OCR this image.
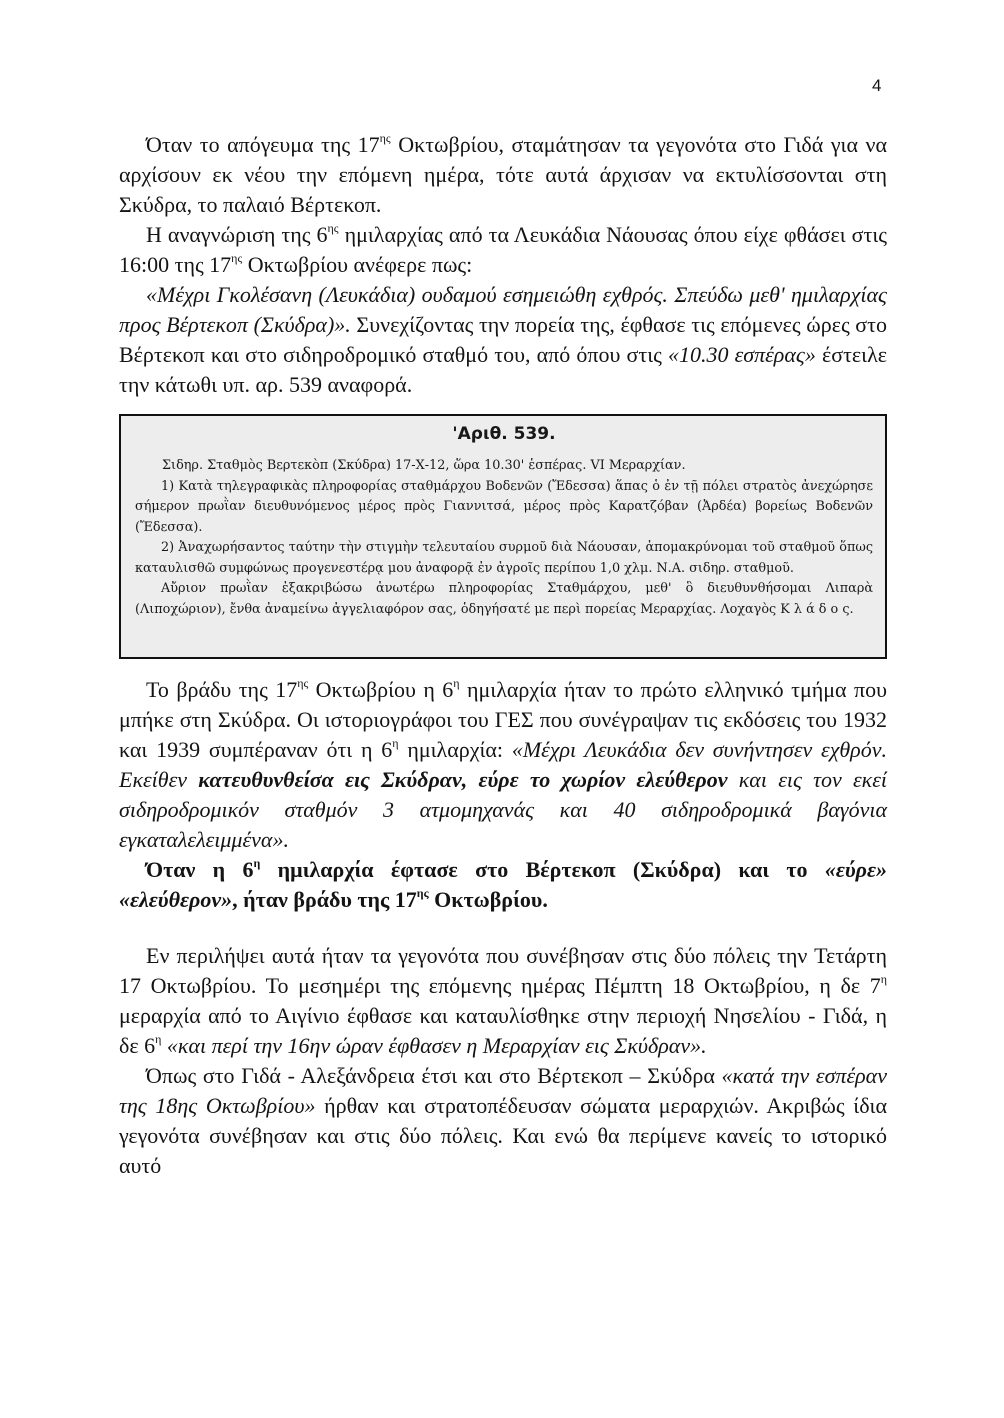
4

Όταν το απόγευμα της $17^{\eta\varsigma}$ Οκτωβρίου, σταμάτησαν τα γεγονότα στο Γιδά για να αρχίσουν εκ νέου την επόμενη ημέρα, τότε αυτά άρχισαν να εκτυλίσσονται στη Σκύδρα, το παλαιό Βέρτεκοπ.

Η αναγνώριση της $6^{\eta\varsigma}$ ημιλαρχίας από τα Λευκάδια Νάουσας όπου είχε φθάσει στις 16:00 της $17^{\eta\varsigma}$ Οκτωβρίου ανέφερε πως:

«Μέχρι Γκολέσανη (Λευκάδια) ουδαμού εσημειώθη εχθρός. Σπεύδω μεθ' ημιλαρχίας προς Βέρτεκοπ (Σκύδρα)». Συνεχίζοντας την πορεία της, έφθασε τις επόμενες ώρες στο Βέρτεκοπ και στο σιδηροδρομικό σταθμό του, από όπου στις «10.30 εσπέρας» έστειλε την κάτωθι υπ. αρ. 539 αναφορά.

'Αριθ. 539.

Σιδηρ. Σταθμὸς Βερτεκὸπ (Σκύδρα) 17-Χ-12, ὥρα 10.30' ἑσπέρας. VI Μεραρχίαν.

1) Κατὰ τηλεγραφικὰς πληροφορίας σταθμάρχου Βοδενῶν (Ἔδεσσα) ἅπας ὁ ἐν τῇ πόλει στρατὸς ἀνεχώρησε σήμερον πρωῒαν διευθυνόμενος μέρος πρὸς Γιαννιτσά, μέρος πρὸς Καρατζόβαν (Ἀρδέα) βορείως Βοδενῶν (Ἔδεσσα).

2) Ἀναχωρήσαντος ταύτην τὴν στιγμὴν τελευταίου συρμοῦ διὰ Νάουσαν, ἀπομακρύνομαι τοῦ σταθμοῦ ὅπως καταυλισθῶ συμφώνως προγενεστέρᾳ μου ἀναφορᾷ ἐν ἀγροῖς περίπου 1,0 χλμ. Ν.Α. σιδηρ. σταθμοῦ.

Αὔριον πρωῒαν ἐξακριβώσω ἀνωτέρω πληροφορίας Σταθμάρχου, μεθ' ὃ διευθυνθήσομαι Λιπαρὰ (Λιποχώριον), ἔνθα ἀναμείνω ἀγγελιαφόρον σας, ὁδηγήσατέ με περὶ πορείας Μεραρχίας. Λοχαγὸς Κ λ ά δ ο ς.

Το βράδυ της $17^{\eta\varsigma}$ Οκτωβρίου η $6^\eta$ ημιλαρχία ήταν το πρώτο ελληνικό τμήμα που μπήκε στη Σκύδρα. Οι ιστοριογράφοι του ΓΕΣ που συνέγραψαν τις εκδόσεις του 1932 και 1939 συμπέραναν ότι η $6^\eta$ ημιλαρχία: «Μέχρι Λευκάδια δεν συνήντησεν εχθρόν. Εκείθεν κατευθυνθείσα εις Σκύδραν, εύρε το χωρίον ελεύθερον και εις τον εκεί σιδηροδρομικόν σταθμόν 3 ατμομηχανάς και 40 σιδηροδρομικά βαγόνια εγκαταλελειμμένα».

Όταν η $6^\eta$ ημιλαρχία έφτασε στο Βέρτεκοπ (Σκύδρα) και το «εύρε» «ελεύθερον», ήταν βράδυ της $17^{\eta\varsigma}$ Οκτωβρίου.

Εν περιλήψει αυτά ήταν τα γεγονότα που συνέβησαν στις δύο πόλεις την Τετάρτη 17 Οκτωβρίου. Το μεσημέρι της επόμενης ημέρας Πέμπτη 18 Οκτωβρίου, η δε $7^\eta$ μεραρχία από το Αιγίνιο έφθασε και καταυλίσθηκε στην περιοχή Νησελίου - Γιδά, η δε $6^\eta$ «και περί την 16ην ώραν έφθασεν η Μεραρχίαν εις Σκύδραν».

Όπως στο Γιδά - Αλεξάνδρεια έτσι και στο Βέρτεκοπ – Σκύδρα «κατά την εσπέραν της 18ης Οκτωβρίου» ήρθαν και στρατοπέδευσαν σώματα μεραρχιών. Ακριβώς ίδια γεγονότα συνέβησαν και στις δύο πόλεις. Και ενώ θα περίμενε κανείς το ιστορικό αυτό
